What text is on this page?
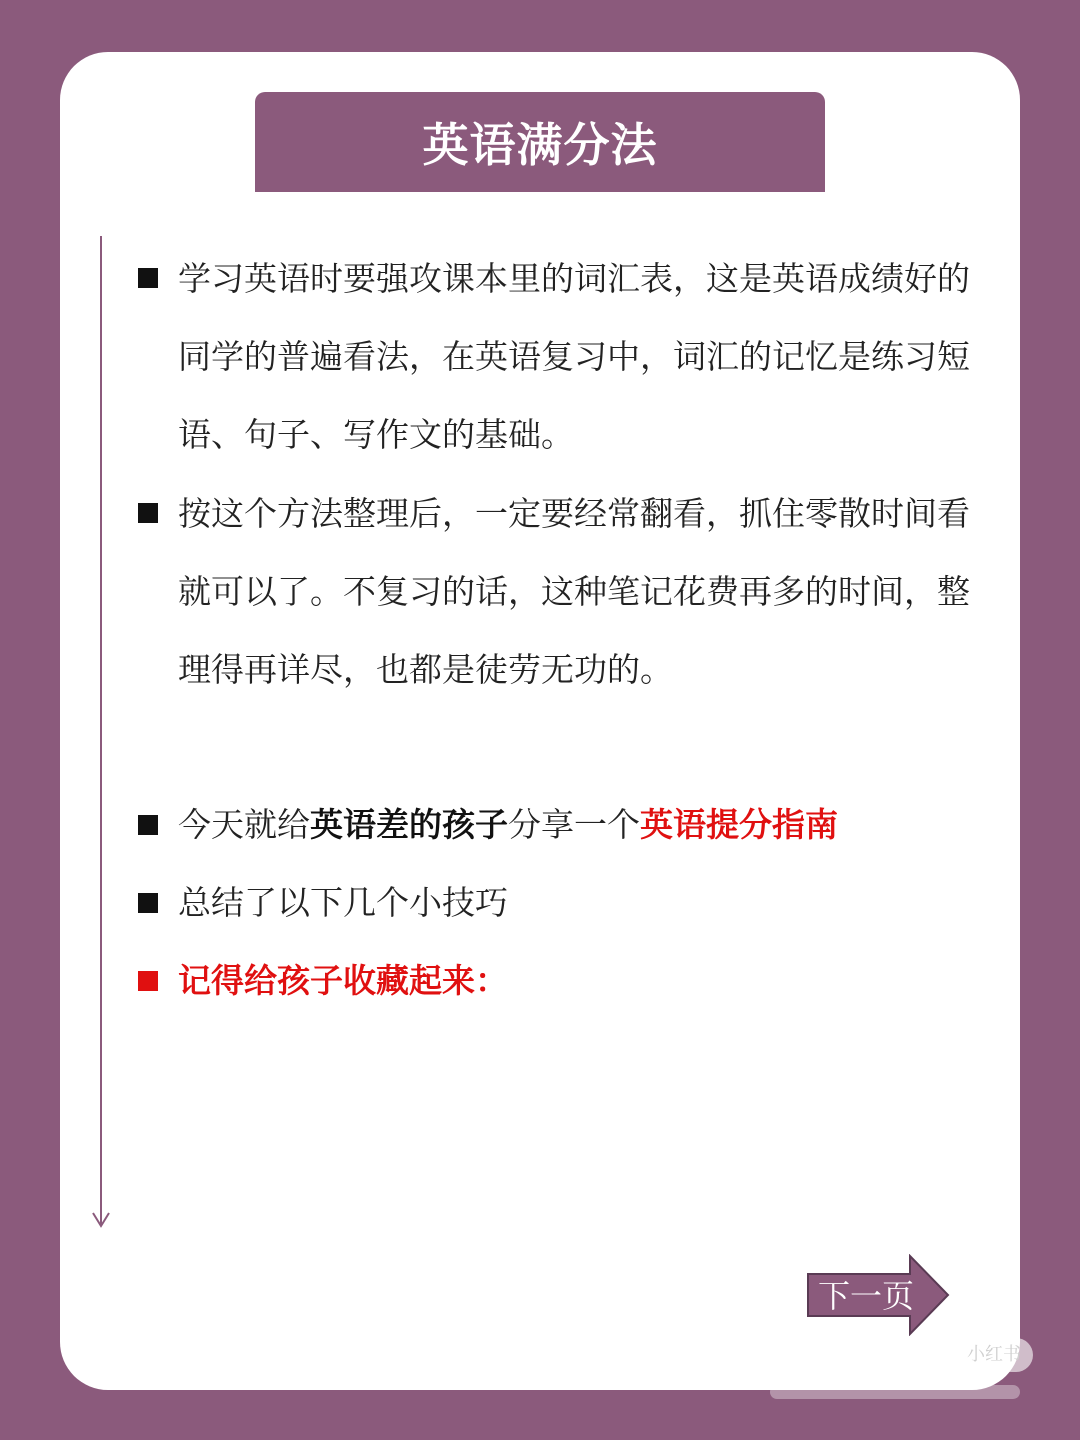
英语满分法

学习英语时要强攻课本里的词汇表，这是英语成绩好的同学的普遍看法，在英语复习中，词汇的记忆是练习短语、句子、写作文的基础。

按这个方法整理后，一定要经常翻看，抓住零散时间看就可以了。不复习的话，这种笔记花费再多的时间，整理得再详尽，也都是徒劳无功的。

今天就给英语差的孩子分享一个英语提分指南

总结了以下几个小技巧

记得给孩子收藏起来：

下一页
小红书
